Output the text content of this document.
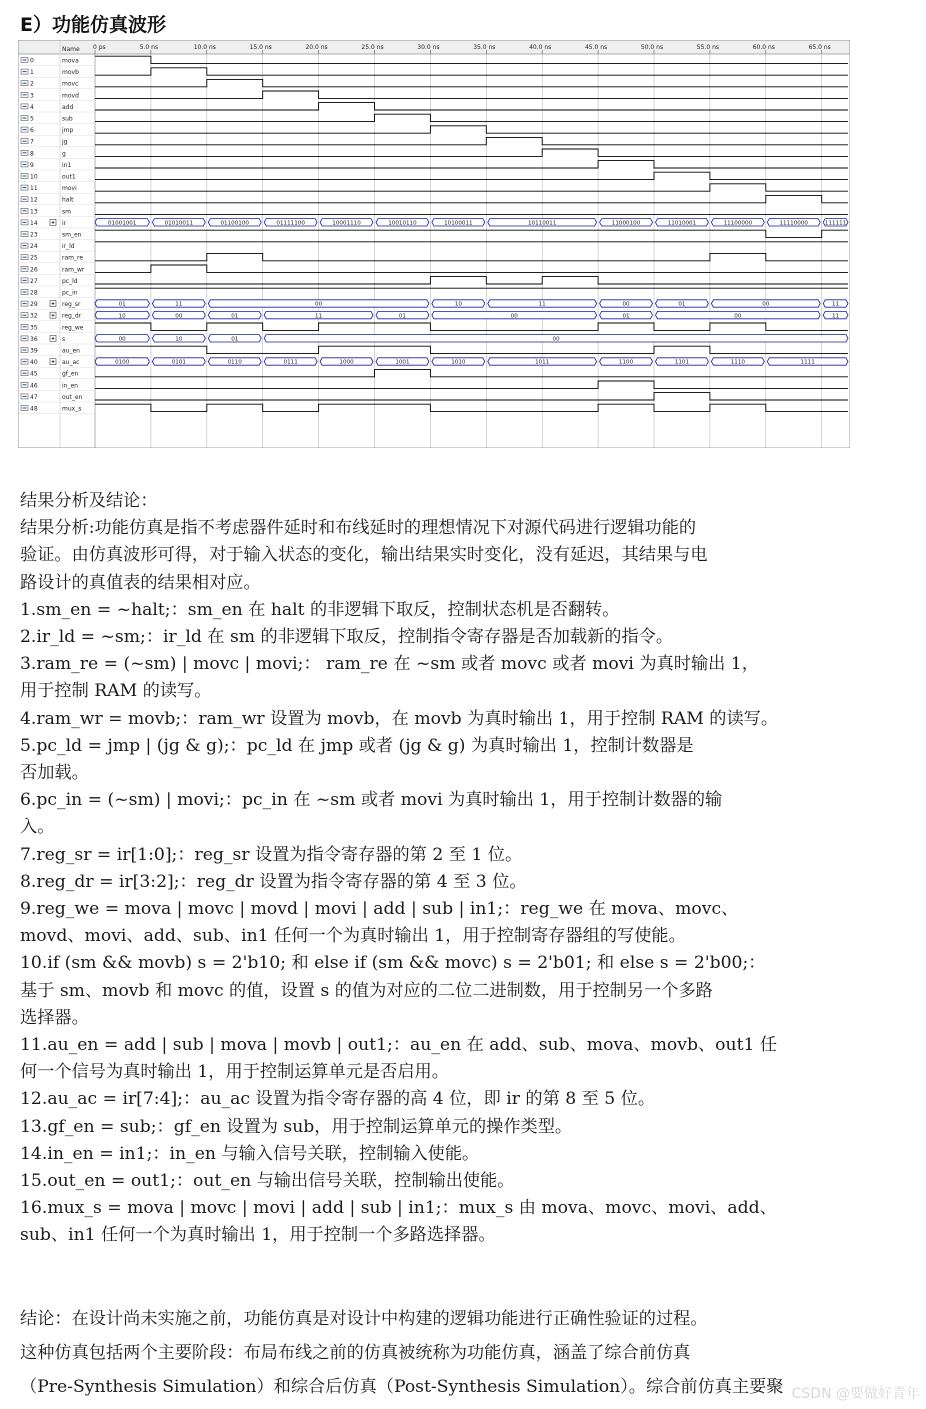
E）功能仿真波形
Name 0 ps	5.0 ns	10.0 ns	15.0 ns	20.0 ns	25.0 ns	30.0 ns	35.0 ns	40.0 ns	45.0 ns	50.0 ns	55.0 ns	60.0 ns	65.0 ns
0	mova
1	movb
2	movc
3	movd
4	add
5	sub
6	jmp
7	jg
8	g
9	in1
10	out1
11	movi
12	halt
13	sm
14	ir	01001001	01010011	01100100	01111100	10001110	10010110	10100011	10110011	11000100	11010001	11100000	11110000	111111
23	sm_en
24	ir_ld
25	ram_re
26	ram_wr
27	pc_ld
28	pc_in
29	reg_sr	01	11	00	10	11	00	01	00	11
32	reg_dr	10	00	01	11	01	00	01	00	11
35	reg_we
36	s	00	10	01	00
39	au_en
40	au_ac	0100	0101	0110	0111	1000	1001	1010	1011	1100	1101	1110	1111
45	gf_en
46	in_en
47	out_en
48	mux_s
结果分析及结论：
结果分析:功能仿真是指不考虑器件延时和布线延时的理想情况下对源代码进行逻辑功能的
验证。由仿真波形可得，对于输入状态的变化，输出结果实时变化，没有延迟，其结果与电
路设计的真值表的结果相对应。
1.sm_en = ~halt;：sm_en 在 halt 的非逻辑下取反，控制状态机是否翻转。
2.ir_ld = ~sm;：ir_ld 在 sm 的非逻辑下取反，控制指令寄存器是否加载新的指令。
3.ram_re = (~sm) | movc | movi;： ram_re 在 ~sm 或者 movc 或者 movi 为真时输出 1，
用于控制 RAM 的读写。
4.ram_wr = movb;：ram_wr 设置为 movb，在 movb 为真时输出 1，用于控制 RAM 的读写。
5.pc_ld = jmp | (jg & g);：pc_ld 在 jmp 或者 (jg & g) 为真时输出 1，控制计数器是
否加载。
6.pc_in = (~sm) | movi;：pc_in 在 ~sm 或者 movi 为真时输出 1，用于控制计数器的输
入。
7.reg_sr = ir[1:0];：reg_sr 设置为指令寄存器的第 2 至 1 位。
8.reg_dr = ir[3:2];：reg_dr 设置为指令寄存器的第 4 至 3 位。
9.reg_we = mova | movc | movd | movi | add | sub | in1;：reg_we 在 mova、movc、
movd、movi、add、sub、in1 任何一个为真时输出 1，用于控制寄存器组的写使能。
10.if (sm && movb) s = 2'b10; 和 else if (sm && movc) s = 2'b01; 和 else s = 2'b00;：
基于 sm、movb 和 movc 的值，设置 s 的值为对应的二位二进制数，用于控制另一个多路
选择器。
11.au_en = add | sub | mova | movb | out1;：au_en 在 add、sub、mova、movb、out1 任
何一个信号为真时输出 1，用于控制运算单元是否启用。
12.au_ac = ir[7:4];：au_ac 设置为指令寄存器的高 4 位，即 ir 的第 8 至 5 位。
13.gf_en = sub;：gf_en 设置为 sub，用于控制运算单元的操作类型。
14.in_en = in1;：in_en 与输入信号关联，控制输入使能。
15.out_en = out1;：out_en 与输出信号关联，控制输出使能。
16.mux_s = mova | movc | movi | add | sub | in1;：mux_s 由 mova、movc、movi、add、
sub、in1 任何一个为真时输出 1，用于控制一个多路选择器。
结论：在设计尚未实施之前，功能仿真是对设计中构建的逻辑功能进行正确性验证的过程。
这种仿真包括两个主要阶段：布局布线之前的仿真被统称为功能仿真，涵盖了综合前仿真
（Pre-Synthesis Simulation）和综合后仿真（Post-Synthesis Simulation）。综合前仿真主要聚 CSDN @要做好青年
